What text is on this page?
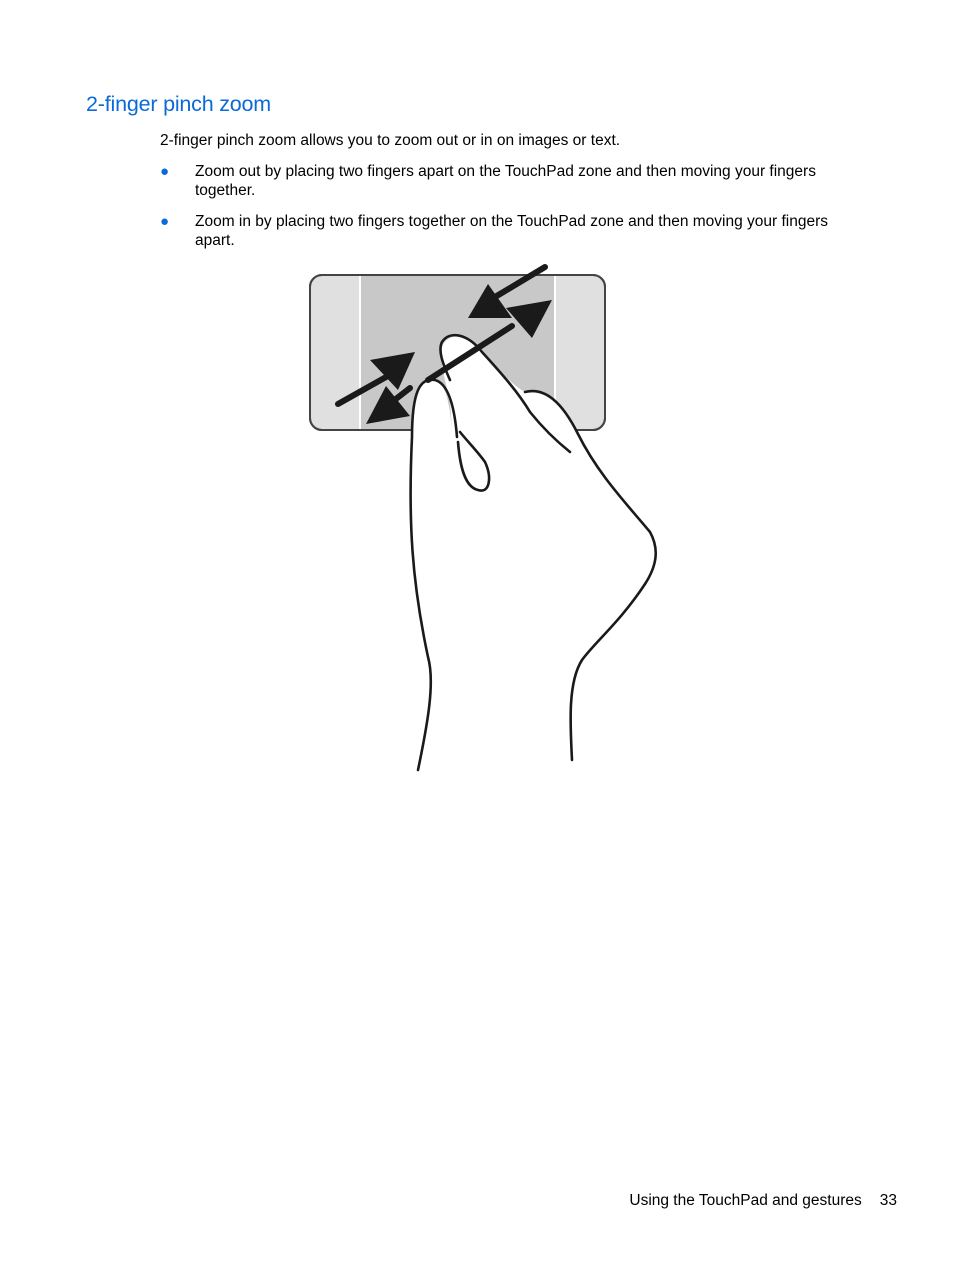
2-finger pinch zoom

2-finger pinch zoom allows you to zoom out or in on images or text.

● Zoom out by placing two fingers apart on the TouchPad zone and then moving your fingers together.
● Zoom in by placing two fingers together on the TouchPad zone and then moving your fingers apart.

Using the TouchPad and gestures 33
